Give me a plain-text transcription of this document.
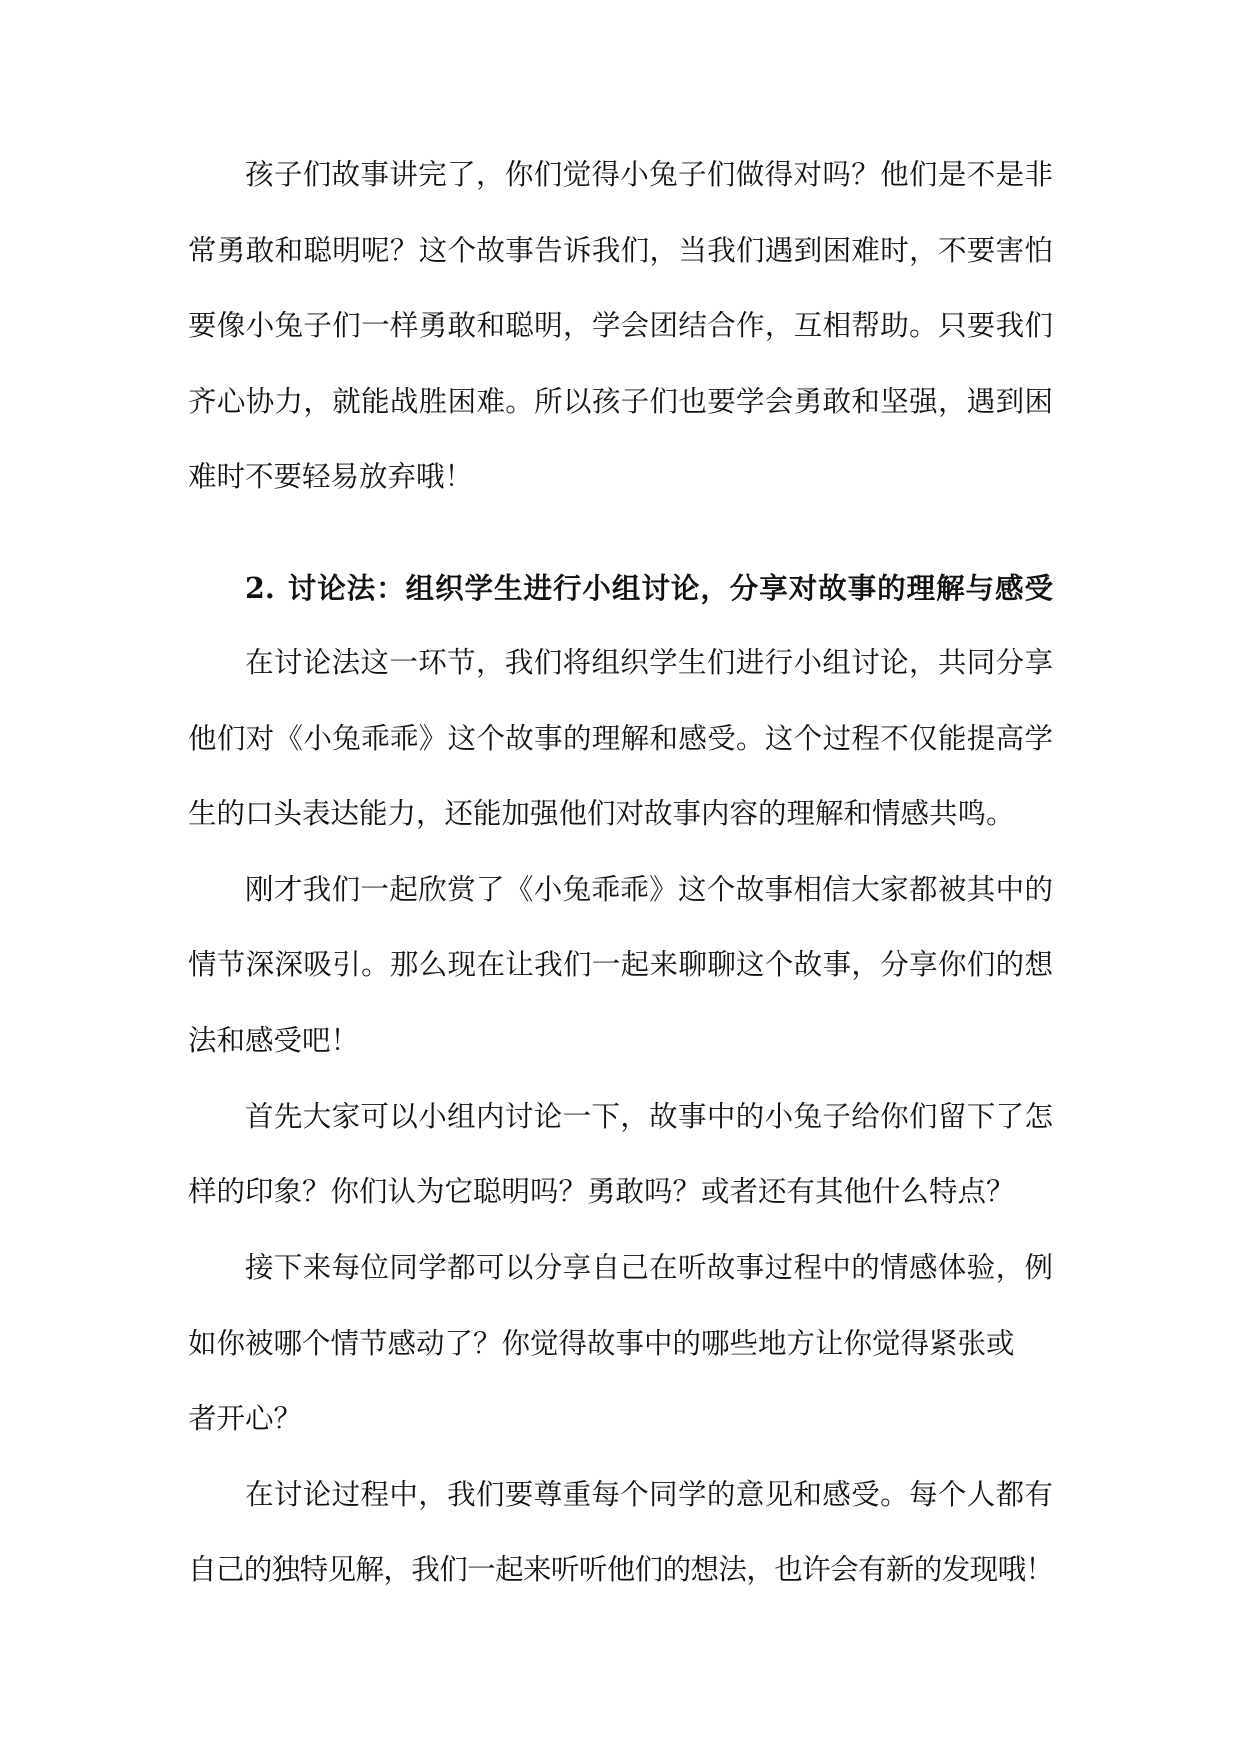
孩子们故事讲完了，你们觉得小兔子们做得对吗？他们是不是非
常勇敢和聪明呢？这个故事告诉我们，当我们遇到困难时，不要害怕
要像小兔子们一样勇敢和聪明，学会团结合作，互相帮助。只要我们
齐心协力，就能战胜困难。所以孩子们也要学会勇敢和坚强，遇到困
难时不要轻易放弃哦！
2. 讨论法：组织学生进行小组讨论，分享对故事的理解与感受
在讨论法这一环节，我们将组织学生们进行小组讨论，共同分享
他们对《小兔乖乖》这个故事的理解和感受。这个过程不仅能提高学
生的口头表达能力，还能加强他们对故事内容的理解和情感共鸣。
刚才我们一起欣赏了《小兔乖乖》这个故事相信大家都被其中的
情节深深吸引。那么现在让我们一起来聊聊这个故事，分享你们的想
法和感受吧！
首先大家可以小组内讨论一下，故事中的小兔子给你们留下了怎
样的印象？你们认为它聪明吗？勇敢吗？或者还有其他什么特点？
接下来每位同学都可以分享自己在听故事过程中的情感体验，例
如你被哪个情节感动了？你觉得故事中的哪些地方让你觉得紧张或
者开心？
在讨论过程中，我们要尊重每个同学的意见和感受。每个人都有
自己的独特见解，我们一起来听听他们的想法，也许会有新的发现哦！
